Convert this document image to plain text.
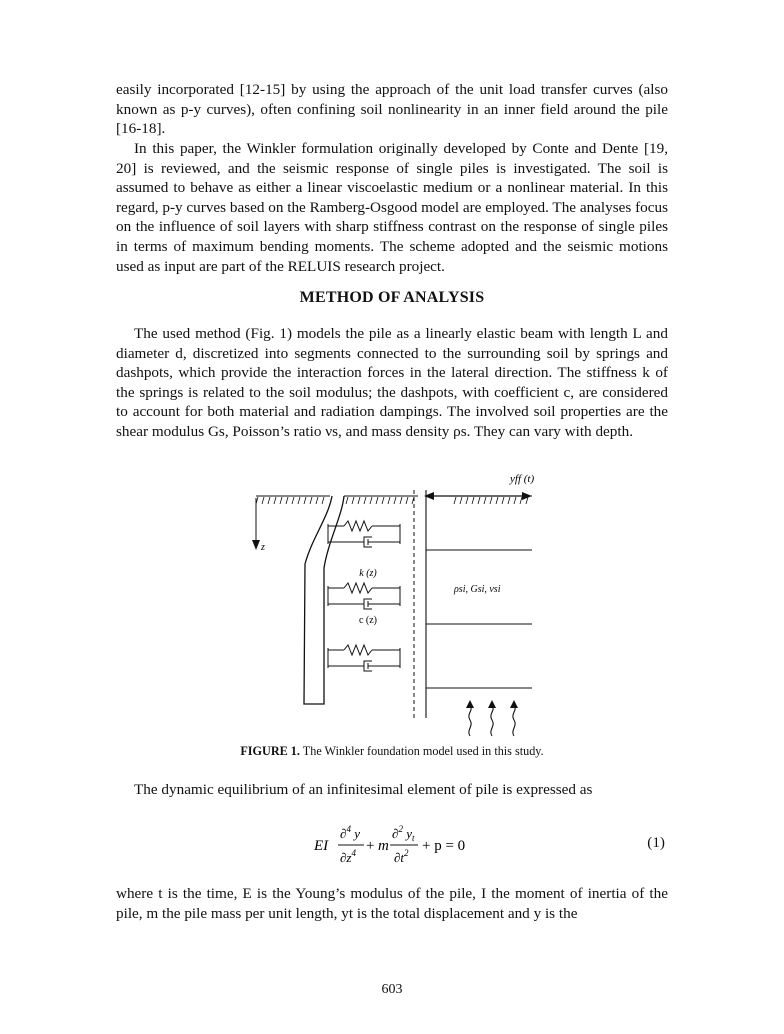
easily incorporated [12-15] by using the approach of the unit load transfer curves (also known as p-y curves), often confining soil nonlinearity in an inner field around the pile [16-18].

In this paper, the Winkler formulation originally developed by Conte and Dente [19, 20] is reviewed, and the seismic response of single piles is investigated. The soil is assumed to behave as either a linear viscoelastic medium or a nonlinear material. In this regard, p-y curves based on the Ramberg-Osgood model are employed. The analyses focus on the influence of soil layers with sharp stiffness contrast on the response of single piles in terms of maximum bending moments. The scheme adopted and the seismic motions used as input are part of the RELUIS research project.

METHOD OF ANALYSIS

The used method (Fig. 1) models the pile as a linearly elastic beam with length L and diameter d, discretized into segments connected to the surrounding soil by springs and dashpots, which provide the interaction forces in the lateral direction. The stiffness k of the springs is related to the soil modulus; the dashpots, with coefficient c, are considered to account for both material and radiation dampings. The involved soil properties are the shear modulus Gs, Poisson’s ratio νs, and mass density ρs. They can vary with depth.

yff (t)
z
k (z)
c (z)
ρsi, Gsi, νsi

FIGURE 1. The Winkler foundation model used in this study.

The dynamic equilibrium of an infinitesimal element of pile is expressed as

EI
∂$^4$ y
$\partial z^4 + m$
∂$^2$ $y_t$
$\partial t^2 + p = 0$	(1)

where t is the time, E is the Young’s modulus of the pile, I the moment of inertia of the pile, m the pile mass per unit length, yt is the total displacement and y is the

603
